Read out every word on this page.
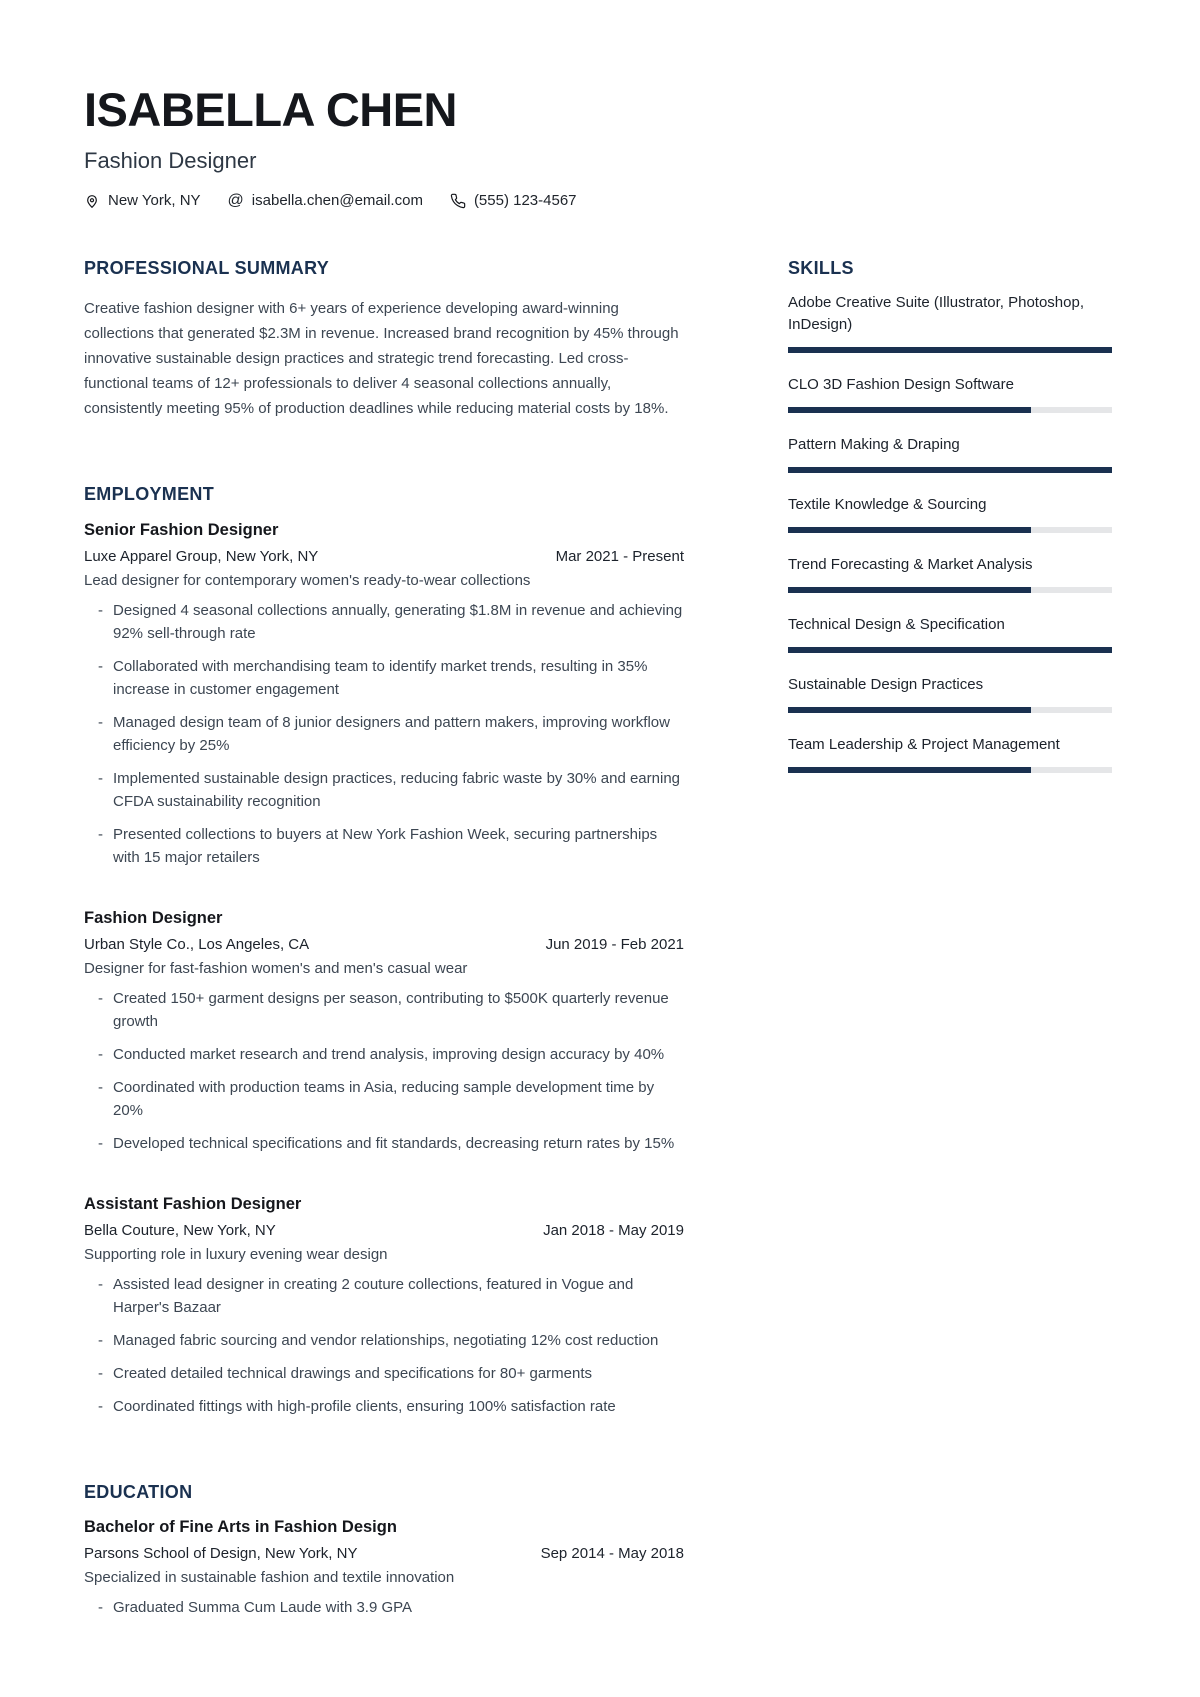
ISABELLA CHEN
Fashion Designer
New York, NY @ isabella.chen@email.com	(555) 123-4567
PROFESSIONAL SUMMARY

Creative fashion designer with 6+ years of experience developing award-winning collections that generated $2.3M in revenue. Increased brand recognition by 45% through innovative sustainable design practices and strategic trend forecasting. Led cross-functional teams of 12+ professionals to deliver 4 seasonal collections annually, consistently meeting 95% of production deadlines while reducing material costs by 18%.

EMPLOYMENT
Senior Fashion Designer
Luxe Apparel Group, New York, NY	Mar 2021 - Present
Lead designer for contemporary women's ready-to-wear collections
- Designed 4 seasonal collections annually, generating $1.8M in revenue and achieving 92% sell-through rate
- Collaborated with merchandising team to identify market trends, resulting in 35% increase in customer engagement
- Managed design team of 8 junior designers and pattern makers, improving workflow efficiency by 25%
- Implemented sustainable design practices, reducing fabric waste by 30% and earning CFDA sustainability recognition
- Presented collections to buyers at New York Fashion Week, securing partnerships with 15 major retailers
Fashion Designer
Urban Style Co., Los Angeles, CA	Jun 2019 - Feb 2021
Designer for fast-fashion women's and men's casual wear
- Created 150+ garment designs per season, contributing to $500K quarterly revenue growth
- Conducted market research and trend analysis, improving design accuracy by 40%
- Coordinated with production teams in Asia, reducing sample development time by 20%
- Developed technical specifications and fit standards, decreasing return rates by 15%
Assistant Fashion Designer
Bella Couture, New York, NY	Jan 2018 - May 2019
Supporting role in luxury evening wear design
- Assisted lead designer in creating 2 couture collections, featured in Vogue and Harper's Bazaar
- Managed fabric sourcing and vendor relationships, negotiating 12% cost reduction
- Created detailed technical drawings and specifications for 80+ garments
- Coordinated fittings with high-profile clients, ensuring 100% satisfaction rate
EDUCATION
Bachelor of Fine Arts in Fashion Design
Parsons School of Design, New York, NY	Sep 2014 - May 2018
Specialized in sustainable fashion and textile innovation
- Graduated Summa Cum Laude with 3.9 GPA
SKILLS
Adobe Creative Suite (Illustrator, Photoshop, InDesign)
CLO 3D Fashion Design Software
Pattern Making & Draping
Textile Knowledge & Sourcing
Trend Forecasting & Market Analysis
Technical Design & Specification
Sustainable Design Practices
Team Leadership & Project Management
